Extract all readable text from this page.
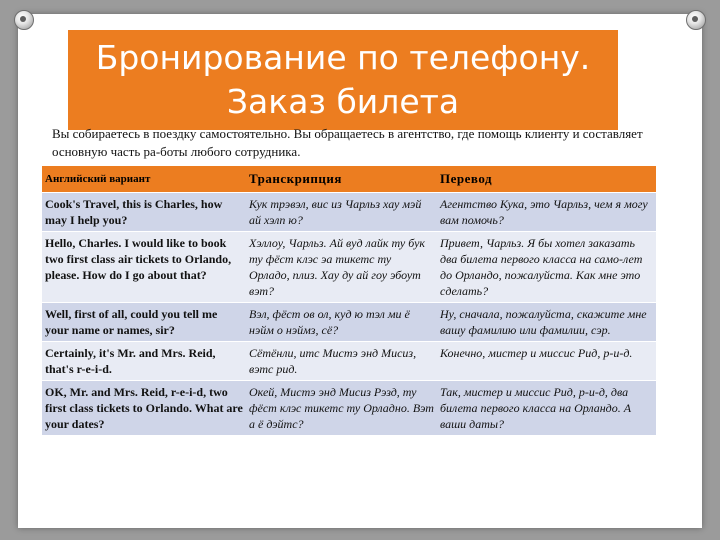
Бронирование по телефону.
Заказ билета
Вы собираетесь в поездку самостоятельно. Вы обращаетесь в агентство, где помощь клиенту и составляет основную часть ра-боты любого сотрудника.
Английский вариант	Транскрипция	Перевод
Cook's Travel, this is Charles, how may I help you?	Кук трэвэл, вис из Чарльз хау мэй ай хэлп ю?	Агентство Кука, это Чарльз, чем я могу вам помочь?
Hello, Charles. I would like to book two first class air tickets to Orlando, please. How do I go about that?	Хэллоу, Чарльз. Ай вуд лайк ту бук ту фёст клэс эа тикетс ту Орладо, плиз. Хау ду ай гоу эбоут вэт?	Привет, Чарльз. Я бы хотел заказать два билета первого класса на само-лет до Орландо, пожалуйста. Как мне это сделать?
Well, first of all, could you tell me your name or names, sir?	Вэл, фёст ов ол, куд ю тэл ми ё нэйм о нэймз, сё?	Ну, сначала, пожалуйста, скажите мне вашу фамилию или фамилии, сэр.
Certainly, it's Mr. and Mrs. Reid, that's r-e-i-d.	Сётёнли, итс Мистэ энд Мисиз, вэтс рид.	Конечно, мистер и миссис Рид, р-и-д.
OK, Mr. and Mrs. Reid, r-e-i-d, two first class tickets to Orlando. What are your dates?	Окей, Мистэ энд Мисиз Рэзд, ту фёст клэс тикетс ту Орладно. Вэт а ё дэйтс?	Так, мистер и миссис Рид, р-и-д, два билета первого класса на Орландо. А ваши даты?
